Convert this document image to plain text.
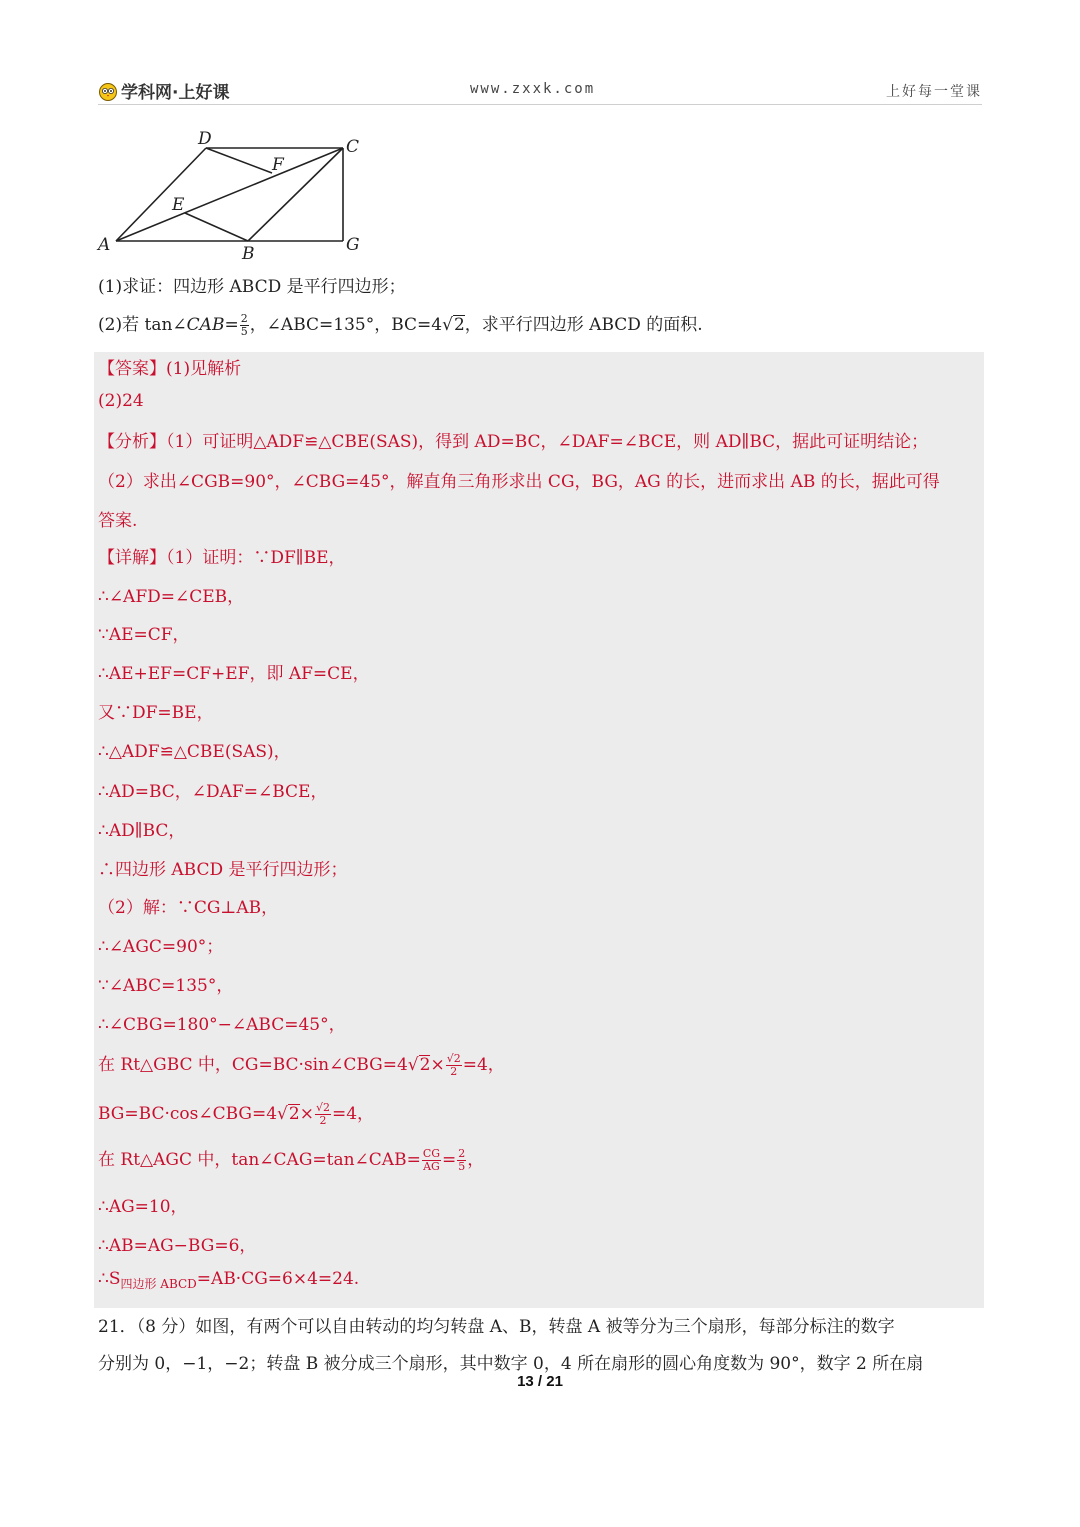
学科网·上好课	www.zxxk.com	上好每一堂课
A	B
C
D
E
F
G
(1)求证：四边形 ABCD 是平行四边形；
(2)若 tan∠CAB= $\frac{2}{5}$ ，∠ABC=135°，BC=4√2，求平行四边形 ABCD 的面积.
【答案】(1)见解析
(2)24
【分析】（1）可证明△ADF≌△CBE(SAS)，得到 AD=BC，∠DAF=∠BCE，则 AD∥BC，据此可证明结论；
（2）求出∠CGB=90°，∠CBG=45°，解直角三角形求出 CG，BG，AG 的长，进而求出 AB 的长，据此可得
答案.
【详解】（1）证明：∵DF∥BE，
∴∠AFD=∠CEB，
∵AE=CF，
∴AE+EF=CF+EF，即 AF=CE，
又∵DF=BE，
∴△ADF≌△CBE(SAS)，
∴AD=BC，∠DAF=∠BCE，
∴AD∥BC，
∴四边形 ABCD 是平行四边形；
（2）解：∵CG⊥AB，
∴∠AGC=90°；
∵∠ABC=135°，
∴∠CBG=180°−∠ABC=45°，
在 Rt△GBC 中，CG=BC·sin∠CBG=4√2× $\frac{√2}{2} =4$，
BG=BC·cos∠CBG=4√2× $\frac{√2}{2} =4$，
在 Rt△AGC 中，tan∠CAG=tan∠CAB= $\frac{CG}{AG} = \frac{2}{5}$ ，
∴AG=10，
∴AB=AG−BG=6，
$\therefore S_{四边形 ABCD}=AB\cdot CG=6\times 4=24$.
21．（8 分）如图，有两个可以自由转动的均匀转盘 A、B，转盘 A 被等分为三个扇形，每部分标注的数字
分别为 0，−1，−2；转盘 B 被分成三个扇形，其中数字 0，4 所在扇形的圆心角度数为 90°，数字 2 所在扇
13 / 21
